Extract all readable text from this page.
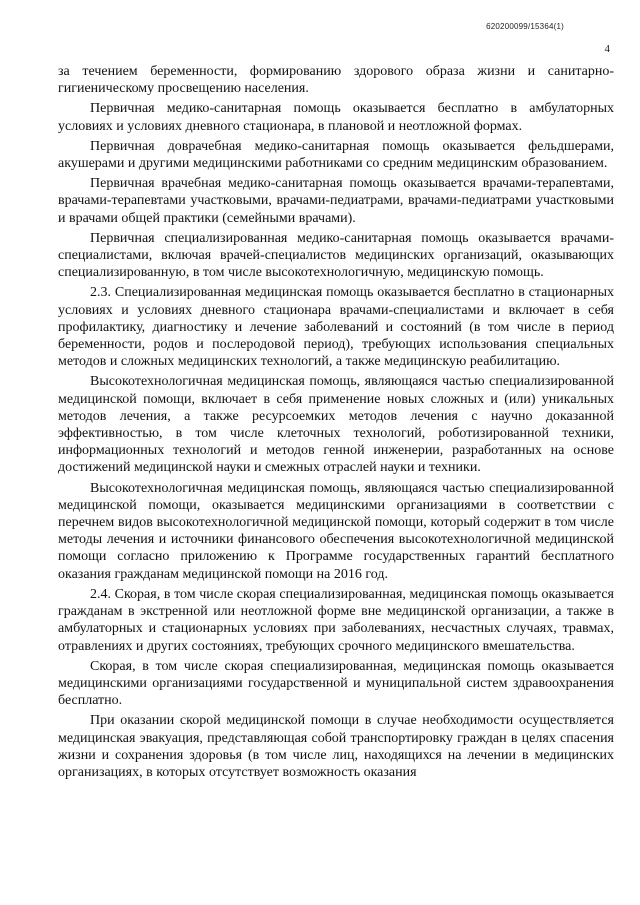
620200099/15364(1)
4

за течением беременности, формированию здорового образа жизни и санитарно-гигиеническому просвещению населения.

Первичная медико-санитарная помощь оказывается бесплатно в амбулаторных условиях и условиях дневного стационара, в плановой и неотложной формах.

Первичная доврачебная медико-санитарная помощь оказывается фельдшерами, акушерами и другими медицинскими работниками со средним медицинским образованием.

Первичная врачебная медико-санитарная помощь оказывается врачами-терапевтами, врачами-терапевтами участковыми, врачами-педиатрами, врачами-педиатрами участковыми и врачами общей практики (семейными врачами).

Первичная специализированная медико-санитарная помощь оказывается врачами-специалистами, включая врачей-специалистов медицинских организаций, оказывающих специализированную, в том числе высокотехнологичную, медицинскую помощь.

2.3. Специализированная медицинская помощь оказывается бесплатно в стационарных условиях и условиях дневного стационара врачами-специалистами и включает в себя профилактику, диагностику и лечение заболеваний и состояний (в том числе в период беременности, родов и послеродовой период), требующих использования специальных методов и сложных медицинских технологий, а также медицинскую реабилитацию.

Высокотехнологичная медицинская помощь, являющаяся частью специализированной медицинской помощи, включает в себя применение новых сложных и (или) уникальных методов лечения, а также ресурсоемких методов лечения с научно доказанной эффективностью, в том числе клеточных технологий, роботизированной техники, информационных технологий и методов генной инженерии, разработанных на основе достижений медицинской науки и смежных отраслей науки и техники.

Высокотехнологичная медицинская помощь, являющаяся частью специализированной медицинской помощи, оказывается медицинскими организациями в соответствии с перечнем видов высокотехнологичной медицинской помощи, который содержит в том числе методы лечения и источники финансового обеспечения высокотехнологичной медицинской помощи согласно приложению к Программе государственных гарантий бесплатного оказания гражданам медицинской помощи на 2016 год.

2.4. Скорая, в том числе скорая специализированная, медицинская помощь оказывается гражданам в экстренной или неотложной форме вне медицинской организации, а также в амбулаторных и стационарных условиях при заболеваниях, несчастных случаях, травмах, отравлениях и других состояниях, требующих срочного медицинского вмешательства.

Скорая, в том числе скорая специализированная, медицинская помощь оказывается медицинскими организациями государственной и муниципальной систем здравоохранения бесплатно.

При оказании скорой медицинской помощи в случае необходимости осуществляется медицинская эвакуация, представляющая собой транспортировку граждан в целях спасения жизни и сохранения здоровья (в том числе лиц, находящихся на лечении в медицинских организациях, в которых отсутствует возможность оказания
